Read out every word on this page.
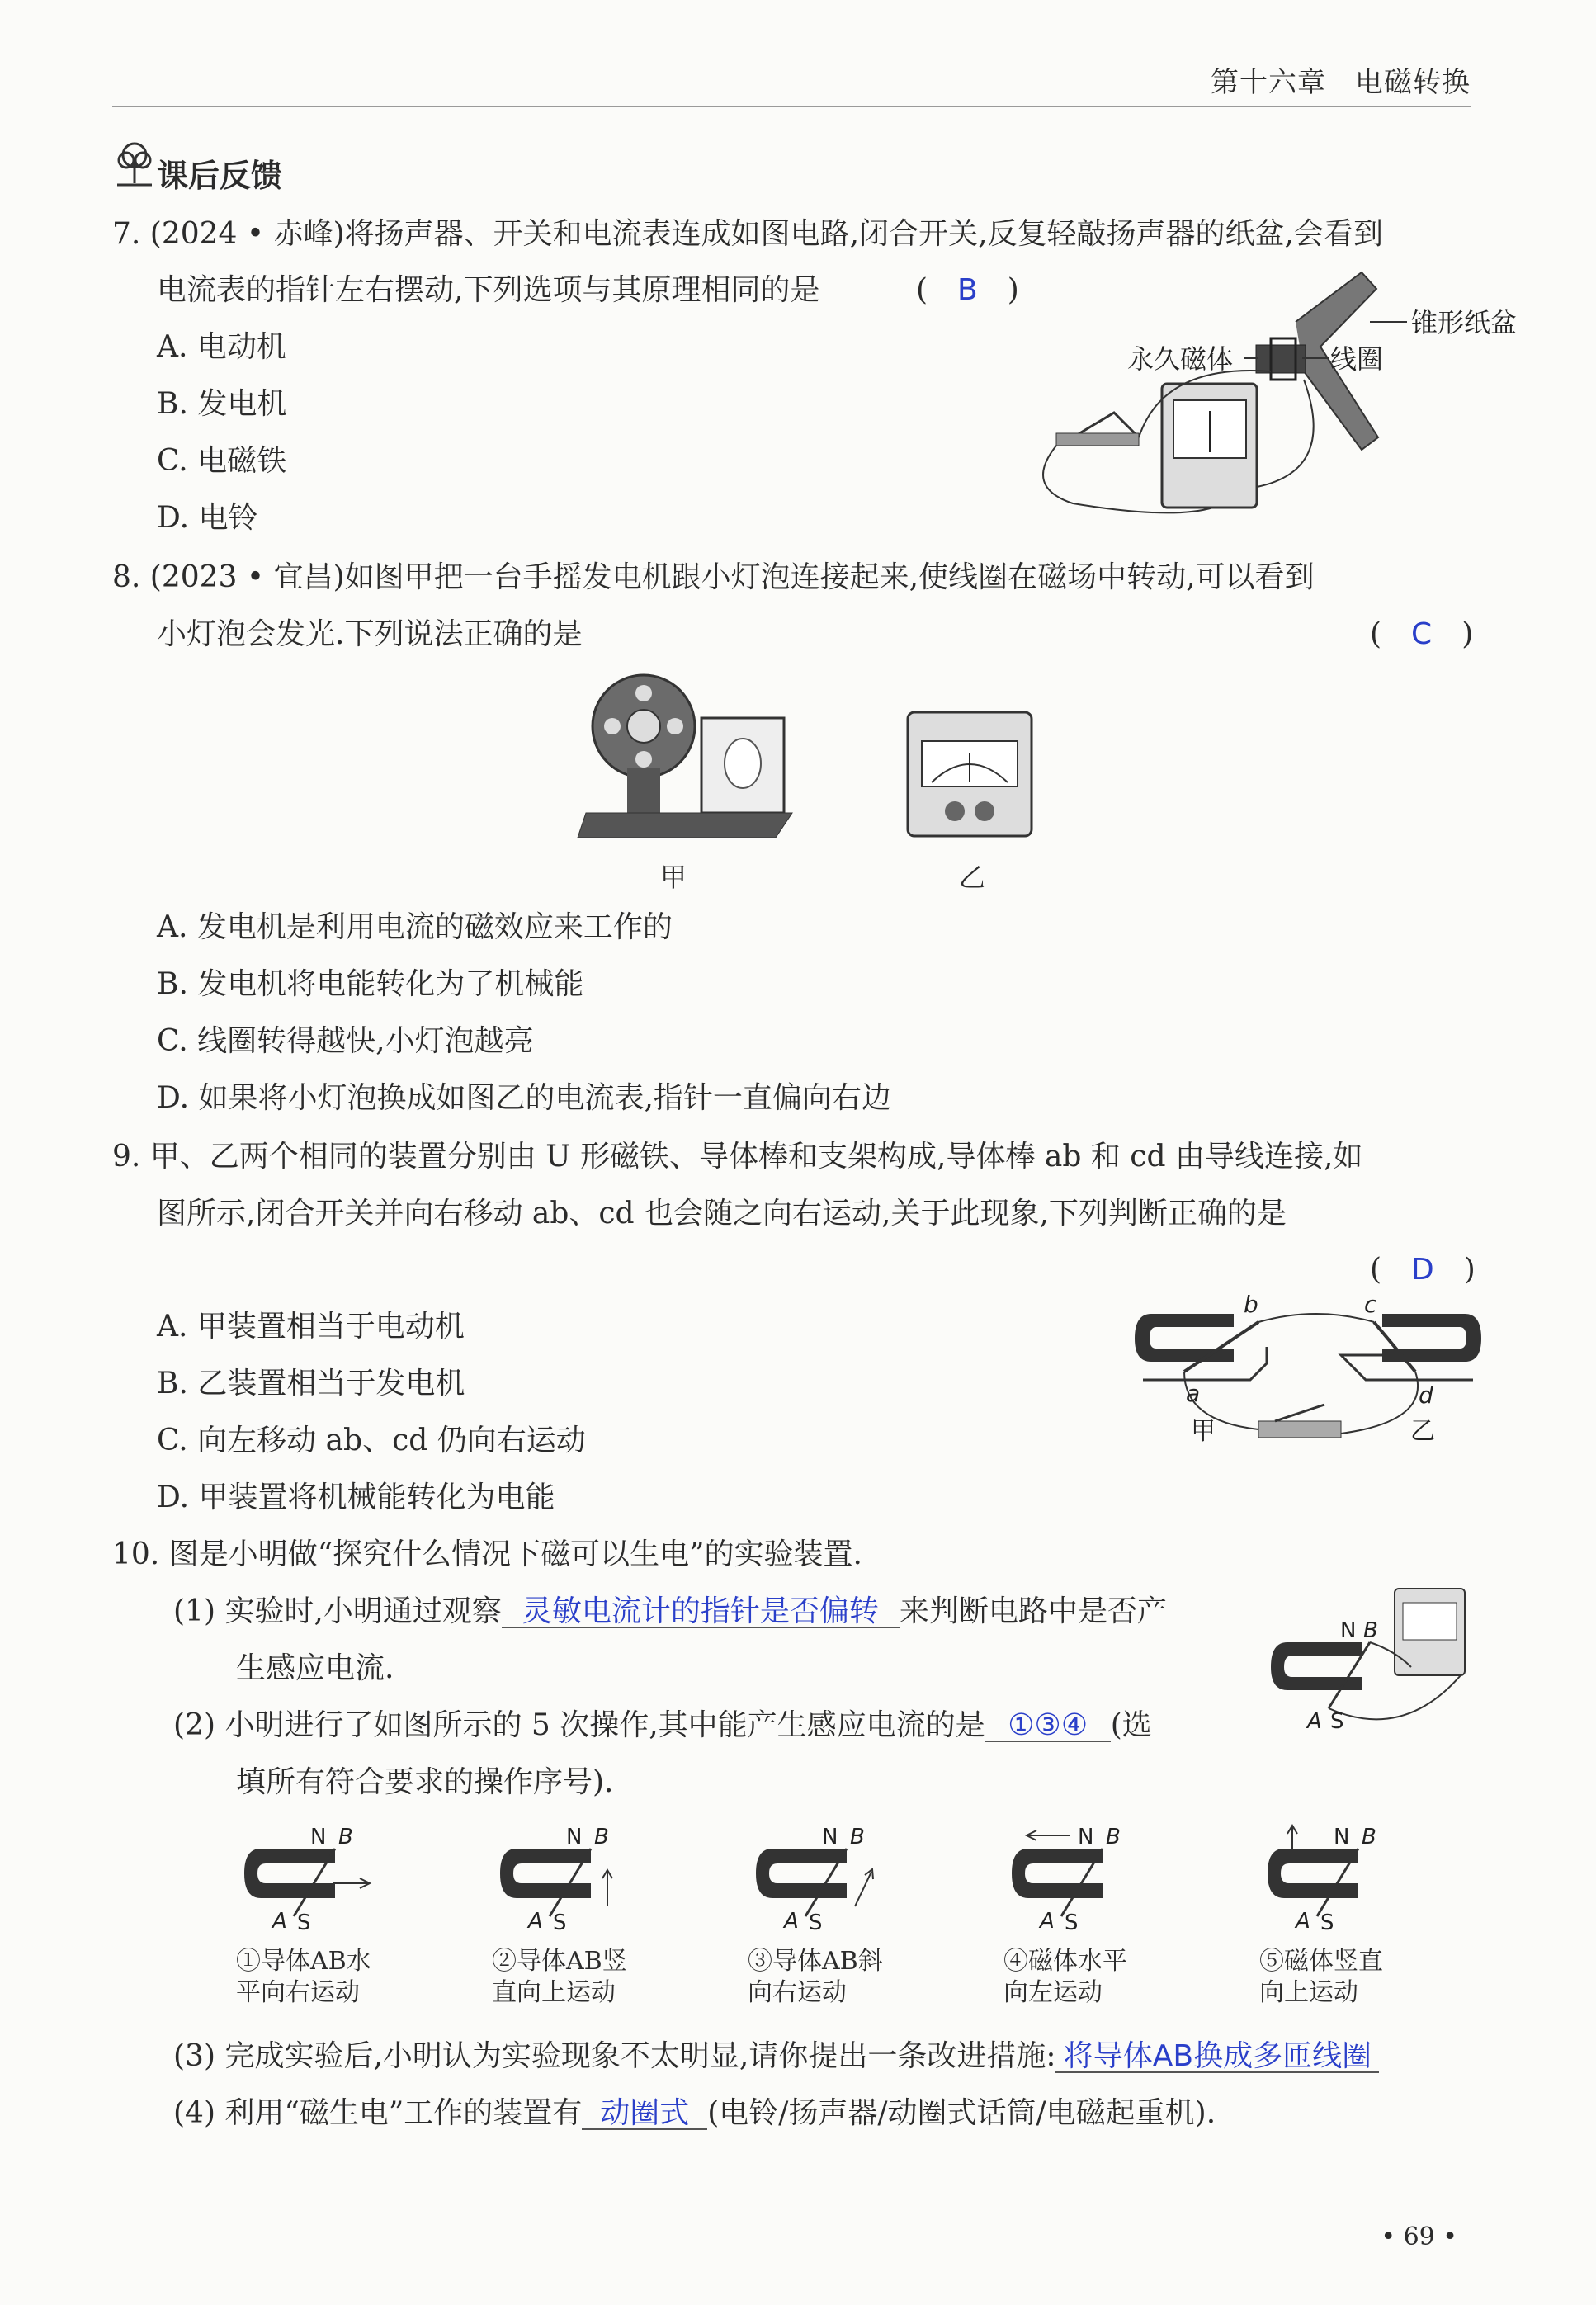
第十六章　电磁转换
课后反馈
7. (2024 • 赤峰)将扬声器、开关和电流表连成如图电路,闭合开关,反复轻敲扬声器的纸盆,会看到
电流表的指针左右摆动,下列选项与其原理相同的是	(　B　)
A. 电动机
B. 发电机
C. 电磁铁
D. 电铃
锥形纸盆
永久磁体	线圈
8. (2023 • 宜昌)如图甲把一台手摇发电机跟小灯泡连接起来,使线圈在磁场中转动,可以看到
小灯泡会发光.下列说法正确的是	(　C　)
甲	乙
A. 发电机是利用电流的磁效应来工作的
B. 发电机将电能转化为了机械能
C. 线圈转得越快,小灯泡越亮
D. 如果将小灯泡换成如图乙的电流表,指针一直偏向右边
9. 甲、乙两个相同的装置分别由 U 形磁铁、导体棒和支架构成,导体棒 ab 和 cd 由导线连接,如
图所示,闭合开关并向右移动 ab、cd 也会随之向右运动,关于此现象,下列判断正确的是
(　D　)
A. 甲装置相当于电动机
B. 乙装置相当于发电机
C. 向左移动 ab、cd 仍向右运动
D. 甲装置将机械能转化为电能
b	c
a	d
甲	乙
10. 图是小明做“探究什么情况下磁可以生电”的实验装置.
(1) 实验时,小明通过观察 灵敏电流计的指针是否偏转 来判断电路中是否产
生感应电流.
N B
A S
(2) 小明进行了如图所示的 5 次操作,其中能产生感应电流的是 ①③④ (选
填所有符合要求的操作序号).
N B
A S
N B
A S
N B
A S
N B
A S
N B
A S
①导体AB水
平向右运动
②导体AB竖
直向上运动
③导体AB斜
向右运动
④磁体水平
向左运动
⑤磁体竖直
向上运动
(3) 完成实验后,小明认为实验现象不太明显,请你提出一条改进措施: 将导体AB换成多匝线圈
(4) 利用“磁生电”工作的装置有 动圈式 (电铃/扬声器/动圈式话筒/电磁起重机).
• 69 •
